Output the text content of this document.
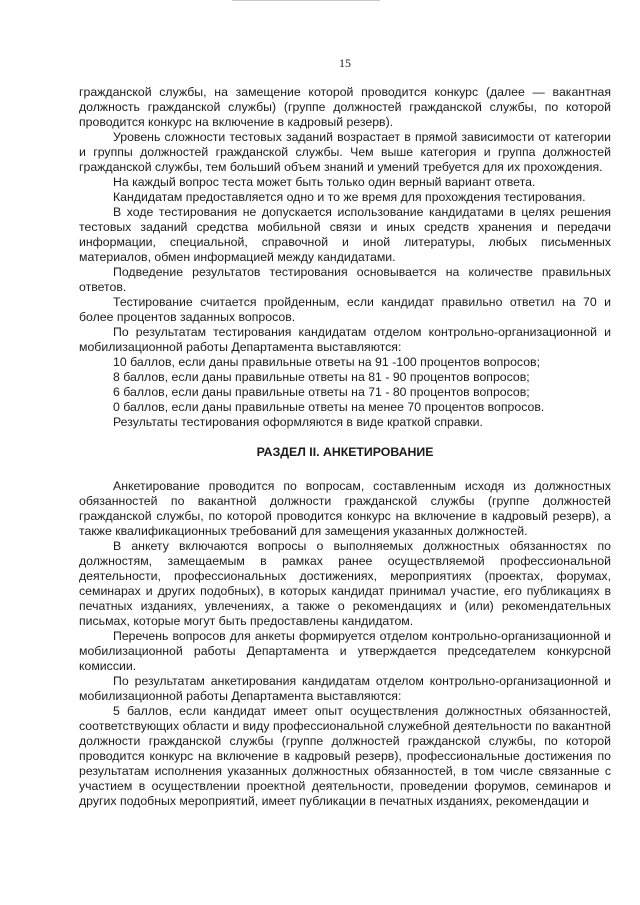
15

гражданской службы, на замещение которой проводится конкурс (далее — вакантная должность гражданской службы) (группе должностей гражданской службы, по которой проводится конкурс на включение в кадровый резерв).

Уровень сложности тестовых заданий возрастает в прямой зависимости от категории и группы должностей гражданской службы. Чем выше категория и группа должностей гражданской службы, тем больший объем знаний и умений требуется для их прохождения.

На каждый вопрос теста может быть только один верный вариант ответа.

Кандидатам предоставляется одно и то же время для прохождения тестирования.

В ходе тестирования не допускается использование кандидатами в целях решения тестовых заданий средства мобильной связи и иных средств хранения и передачи информации, специальной, справочной и иной литературы, любых письменных материалов, обмен информацией между кандидатами.

Подведение результатов тестирования основывается на количестве правильных ответов.

Тестирование считается пройденным, если кандидат правильно ответил на 70 и более процентов заданных вопросов.

По результатам тестирования кандидатам отделом контрольно-организационной и мобилизационной работы Департамента выставляются:

10 баллов, если даны правильные ответы на 91 -100 процентов вопросов;

8 баллов, если даны правильные ответы на 81 - 90 процентов вопросов;

6 баллов, если даны правильные ответы на 71 - 80 процентов вопросов;

0 баллов, если даны правильные ответы на менее 70 процентов вопросов.

Результаты тестирования оформляются в виде краткой справки.

РАЗДЕЛ II. АНКЕТИРОВАНИЕ

Анкетирование проводится по вопросам, составленным исходя из должностных обязанностей по вакантной должности гражданской службы (группе должностей гражданской службы, по которой проводится конкурс на включение в кадровый резерв), а также квалификационных требований для замещения указанных должностей.

В анкету включаются вопросы о выполняемых должностных обязанностях по должностям, замещаемым в рамках ранее осуществляемой профессиональной деятельности, профессиональных достижениях, мероприятиях (проектах, форумах, семинарах и других подобных), в которых кандидат принимал участие, его публикациях в печатных изданиях, увлечениях, а также о рекомендациях и (или) рекомендательных письмах, которые могут быть предоставлены кандидатом.

Перечень вопросов для анкеты формируется отделом контрольно-организационной и мобилизационной работы Департамента и утверждается председателем конкурсной комиссии.

По результатам анкетирования кандидатам отделом контрольно-организационной и мобилизационной работы Департамента выставляются:

5 баллов, если кандидат имеет опыт осуществления должностных обязанностей, соответствующих области и виду профессиональной служебной деятельности по вакантной должности гражданской службы (группе должностей гражданской службы, по которой проводится конкурс на включение в кадровый резерв), профессиональные достижения по результатам исполнения указанных должностных обязанностей, в том числе связанные с участием в осуществлении проектной деятельности, проведении форумов, семинаров и других подобных мероприятий, имеет публикации в печатных изданиях, рекомендации и
